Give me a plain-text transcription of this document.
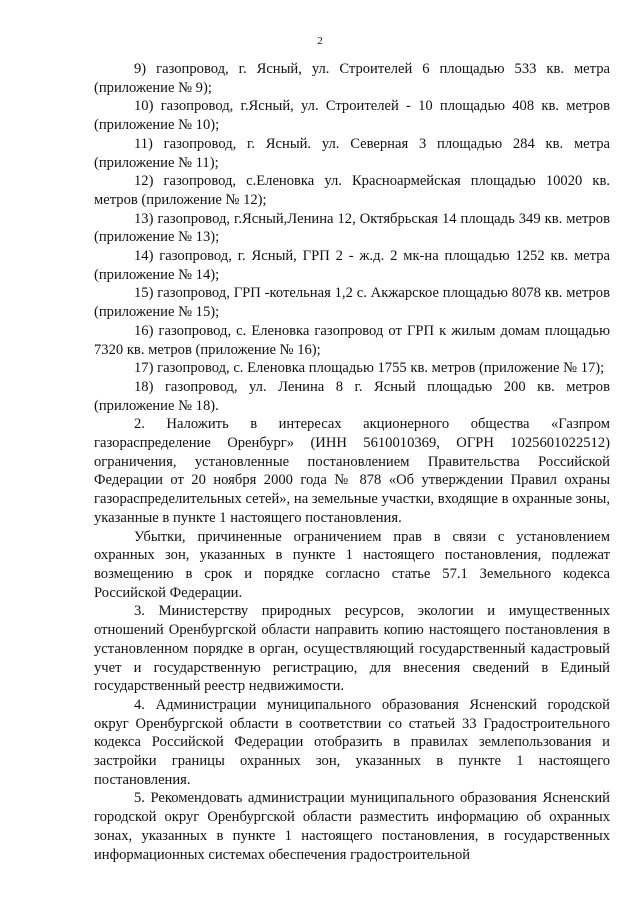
2

9) газопровод, г. Ясный, ул. Строителей 6 площадью 533 кв. метра (приложение № 9);

10) газопровод, г.Ясный, ул. Строителей - 10 площадью 408 кв. метров (приложение № 10);

11) газопровод, г. Ясный. ул. Северная 3 площадью 284 кв. метра (приложение № 11);

12) газопровод, с.Еленовка ул. Красноармейская площадью 10020 кв. метров (приложение № 12);

13) газопровод, г.Ясный,Ленина 12, Октябрьская 14 площадь 349 кв. метров (приложение № 13);

14) газопровод, г. Ясный, ГРП 2 - ж.д. 2 мк-на площадью 1252 кв. метра (приложение № 14);

15) газопровод, ГРП -котельная 1,2 с. Акжарское площадью 8078 кв. метров (приложение № 15);

16) газопровод, с. Еленовка газопровод от ГРП к жилым домам площадью 7320 кв. метров (приложение № 16);

17) газопровод, с. Еленовка площадью 1755 кв. метров (приложение № 17);

18) газопровод, ул. Ленина 8 г. Ясный площадью 200 кв. метров (приложение № 18).

2. Наложить в интересах акционерного общества «Газпром газораспределение Оренбург» (ИНН 5610010369, ОГРН 1025601022512) ограничения, установленные постановлением Правительства Российской Федерации от 20 ноября 2000 года № 878 «Об утверждении Правил охраны газораспределительных сетей», на земельные участки, входящие в охранные зоны, указанные в пункте 1 настоящего постановления.

Убытки, причиненные ограничением прав в связи с установлением охранных зон, указанных в пункте 1 настоящего постановления, подлежат возмещению в срок и порядке согласно статье 57.1 Земельного кодекса Российской Федерации.

3. Министерству природных ресурсов, экологии и имущественных отношений Оренбургской области направить копию настоящего постановления в установленном порядке в орган, осуществляющий государственный кадастровый учет и государственную регистрацию, для внесения сведений в Единый государственный реестр недвижимости.

4. Администрации муниципального образования Ясненский городской округ Оренбургской области в соответствии со статьей 33 Градостроительного кодекса Российской Федерации отобразить в правилах землепользования и застройки границы охранных зон, указанных в пункте 1 настоящего постановления.

5. Рекомендовать администрации муниципального образования Ясненский городской округ Оренбургской области разместить информацию об охранных зонах, указанных в пункте 1 настоящего постановления, в государственных информационных системах обеспечения градостроительной
